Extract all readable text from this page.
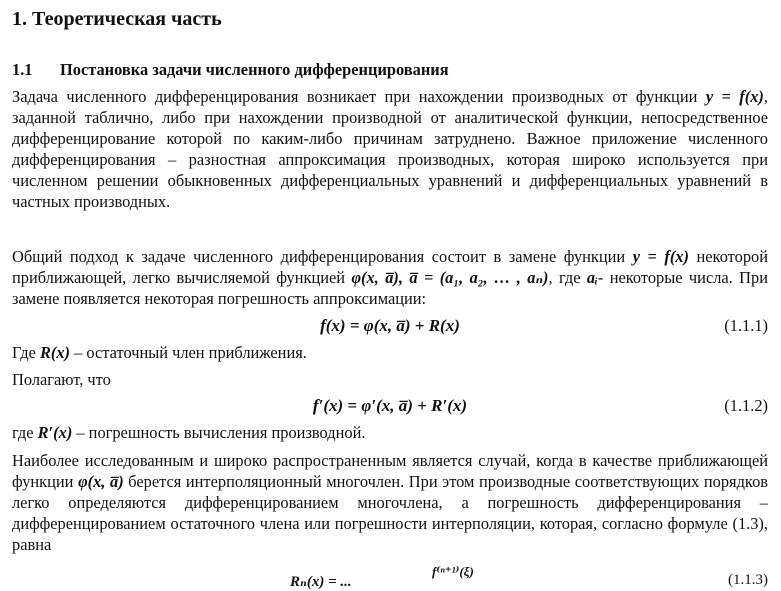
1. Теоретическая часть
1.1 Постановка задачи численного дифференцирования

Задача численного дифференцирования возникает при нахождении производных от функции y = f(x), заданной таблично, либо при нахождении производной от аналитической функции, непосредственное дифференцирование которой по каким-либо причинам затруднено. Важное приложение численного дифференцирования – разностная аппроксимация производных, которая широко используется при численном решении обыкновенных дифференциальных уравнений и дифференциальных уравнений в частных производных.

Общий подход к задаче численного дифференцирования состоит в замене функции y = f(x) некоторой приближающей, легко вычисляемой функцией φ(x, a̅), a̅ = (a₁, a₂, … , aₙ), где aᵢ- некоторые числа. При замене появляется некоторая погрешность аппроксимации:

f(x) = φ(x, a̅) + R(x)	(1.1.1)
Где R(x) – остаточный член приближения.
Полагают, что
f′(x) = φ′(x, a̅) + R′(x)	(1.1.2)
где R′(x) – погрешность вычисления производной.

Наиболее исследованным и широко распространенным является случай, когда в качестве приближающей функции φ(x, a̅) берется интерполяционный многочлен. При этом производные соответствующих порядков легко определяются дифференцированием многочлена, а погрешность дифференцирования – дифференцированием остаточного члена или погрешности интерполяции, которая, согласно формуле (1.3), равна

Rₙ(x) = ...
f⁽ⁿ⁺¹⁾(ξ)
(1.1.3)
